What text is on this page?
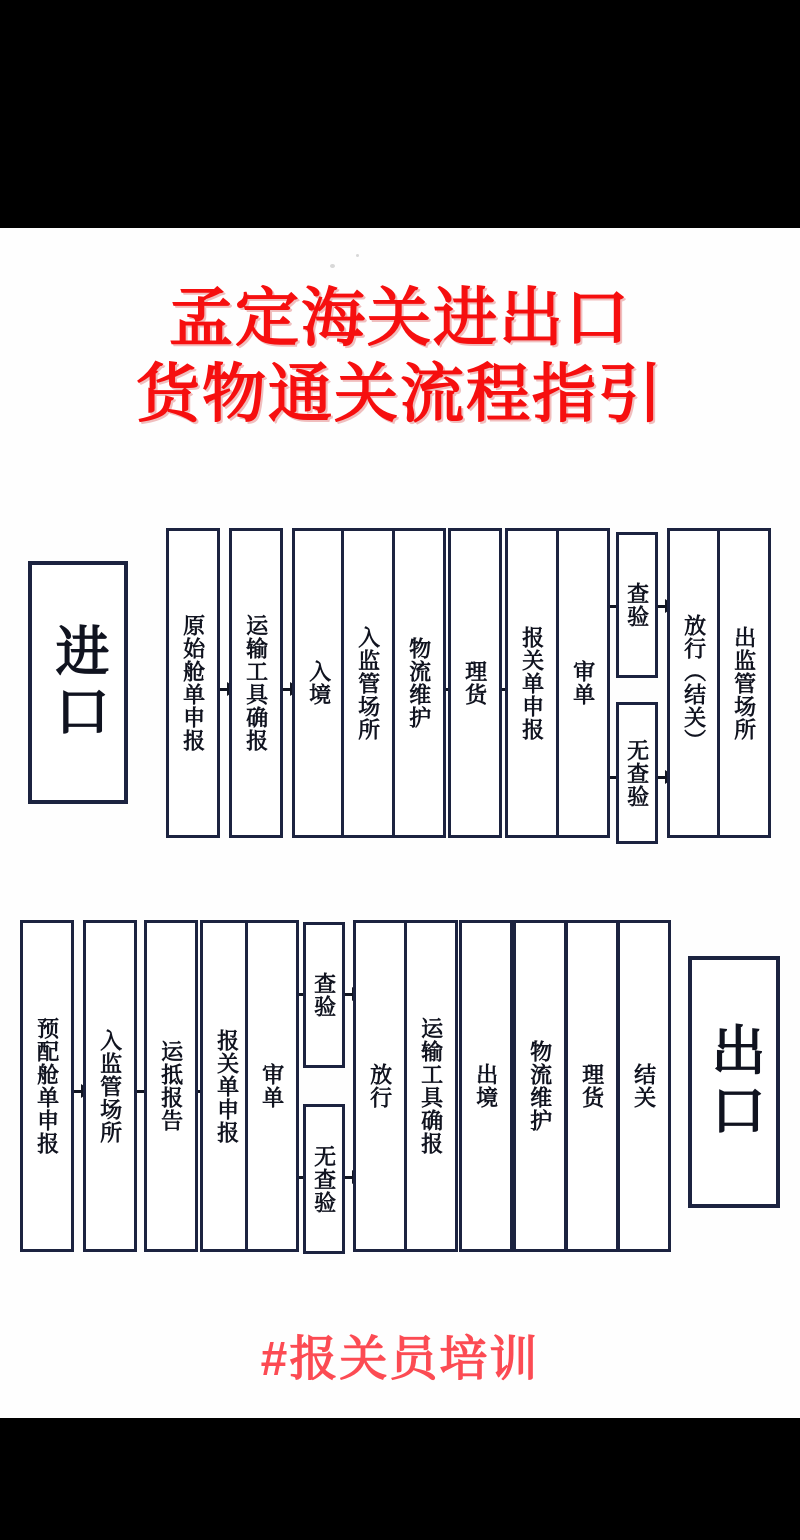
孟定海关进出口
货物通关流程指引
进口	原始舱单申报 运输工具确报 入境 入监管场所 物流维护 理货 报关单申报 审单
查验
无查验
放行（结关） 出监管场所
预配舱单申报 入监管场所 运抵报告 报关单申报 审单
查验
无查验
放行 运输工具确报 出境 物流维护 理货 结关 出口
#报关员培训
